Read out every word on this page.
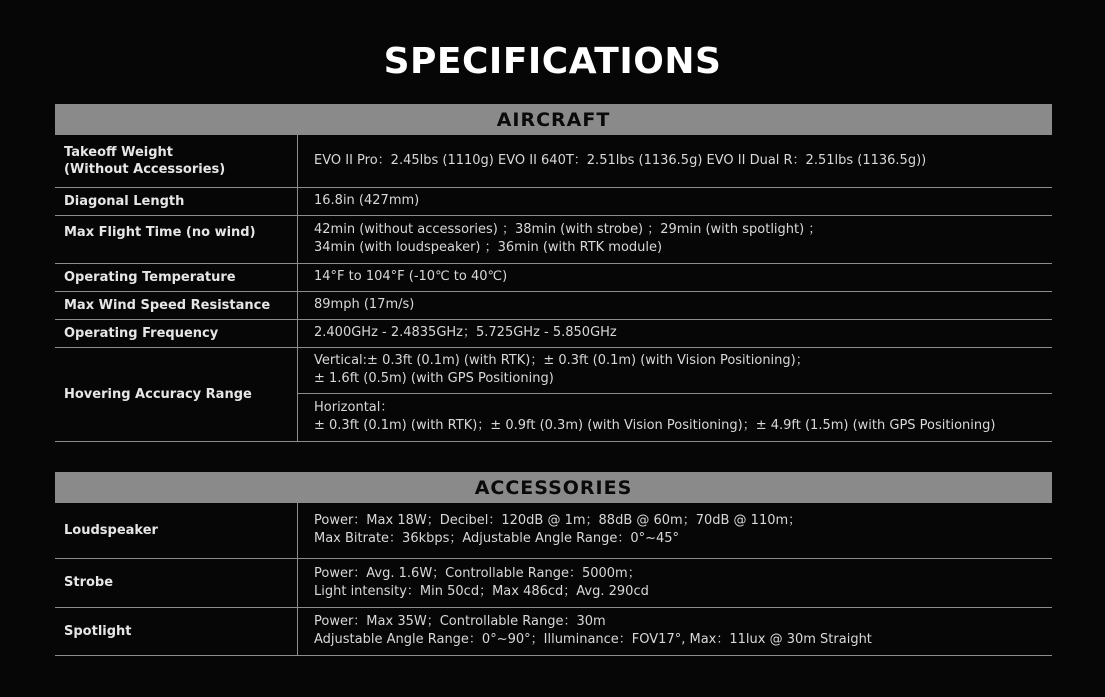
SPECIFICATIONS
AIRCRAFT
Takeoff Weight
(Without Accessories)	EVO II Pro：2.45lbs (1110g) EVO II 640T：2.51lbs (1136.5g) EVO II Dual R：2.51lbs (1136.5g))

Diagonal Length	16.8in (427mm)
Max Flight Time (no wind)	42min (without accessories) ；38min (with strobe) ；29min (with spotlight) ；
34min (with loudspeaker) ；36min (with RTK module)

Operating Temperature	14°F to 104°F (-10℃ to 40℃)
Max Wind Speed Resistance	89mph (17m/s)
Operating Frequency	2.400GHz - 2.4835GHz；5.725GHz - 5.850GHz
Hovering Accuracy Range	Vertical:± 0.3ft (0.1m) (with RTK)；± 0.3ft (0.1m) (with Vision Positioning)；
± 1.6ft (0.5m) (with GPS Positioning)

	Horizontal：
± 0.3ft (0.1m) (with RTK)；± 0.9ft (0.3m) (with Vision Positioning)；± 4.9ft (1.5m) (with GPS Positioning)
ACCESSORIES
Loudspeaker	Power：Max 18W；Decibel：120dB @ 1m；88dB @ 60m；70dB @ 110m；
Max Bitrate：36kbps；Adjustable Angle Range：0°~45°

Strobe	Power：Avg. 1.6W；Controllable Range：5000m；
Light intensity：Min 50cd；Max 486cd；Avg. 290cd

Spotlight	Power：Max 35W；Controllable Range：30m
Adjustable Angle Range：0°~90°；Illuminance：FOV17°, Max：11lux @ 30m Straight
